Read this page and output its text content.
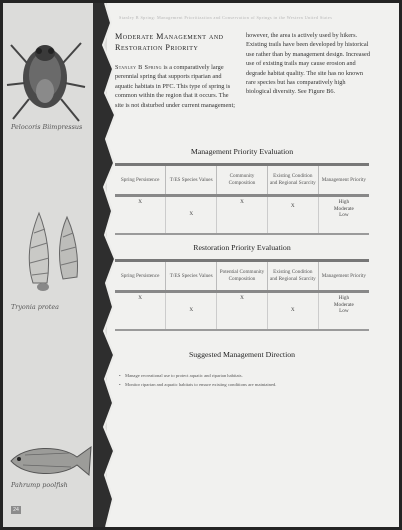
Pelocoris Biimpressus
Tryonia protea
Pahrump poolfish
24
Stanley B Spring: Management Prioritization and Conservation of Springs in the Western United States
Moderate Management and Restoration Priority
Stanley B Spring is a comparatively large perennial spring that supports riparian and aquatic habitats in PFC. This type of spring is common within the region that it occurs. The site is not disturbed under current management;
however, the area is actively used by hikers. Existing trails have been developed by historical use rather than by management design. Increased use of existing trails may cause erosion and degrade habitat quality. The site has no known rare species but has comparatively high biological diversity. See Figure B6.
Management Priority Evaluation
Spring Persistence	T/ES Species Values	Community Composition	Existing Condition and Regional Scarcity	Management Priority

X	X	X	X	High
Moderate
Low
Restoration Priority Evaluation
Spring Persistence	T/ES Species Values	Potential Community Composition	Existing Condition and Regional Scarcity	Management Priority

X	X	X	X	High
Moderate
Low
Suggested Management Direction
• Manage recreational use to protect aquatic and riparian habitats.
• Monitor riparian and aquatic habitats to ensure existing conditions are maintained.
